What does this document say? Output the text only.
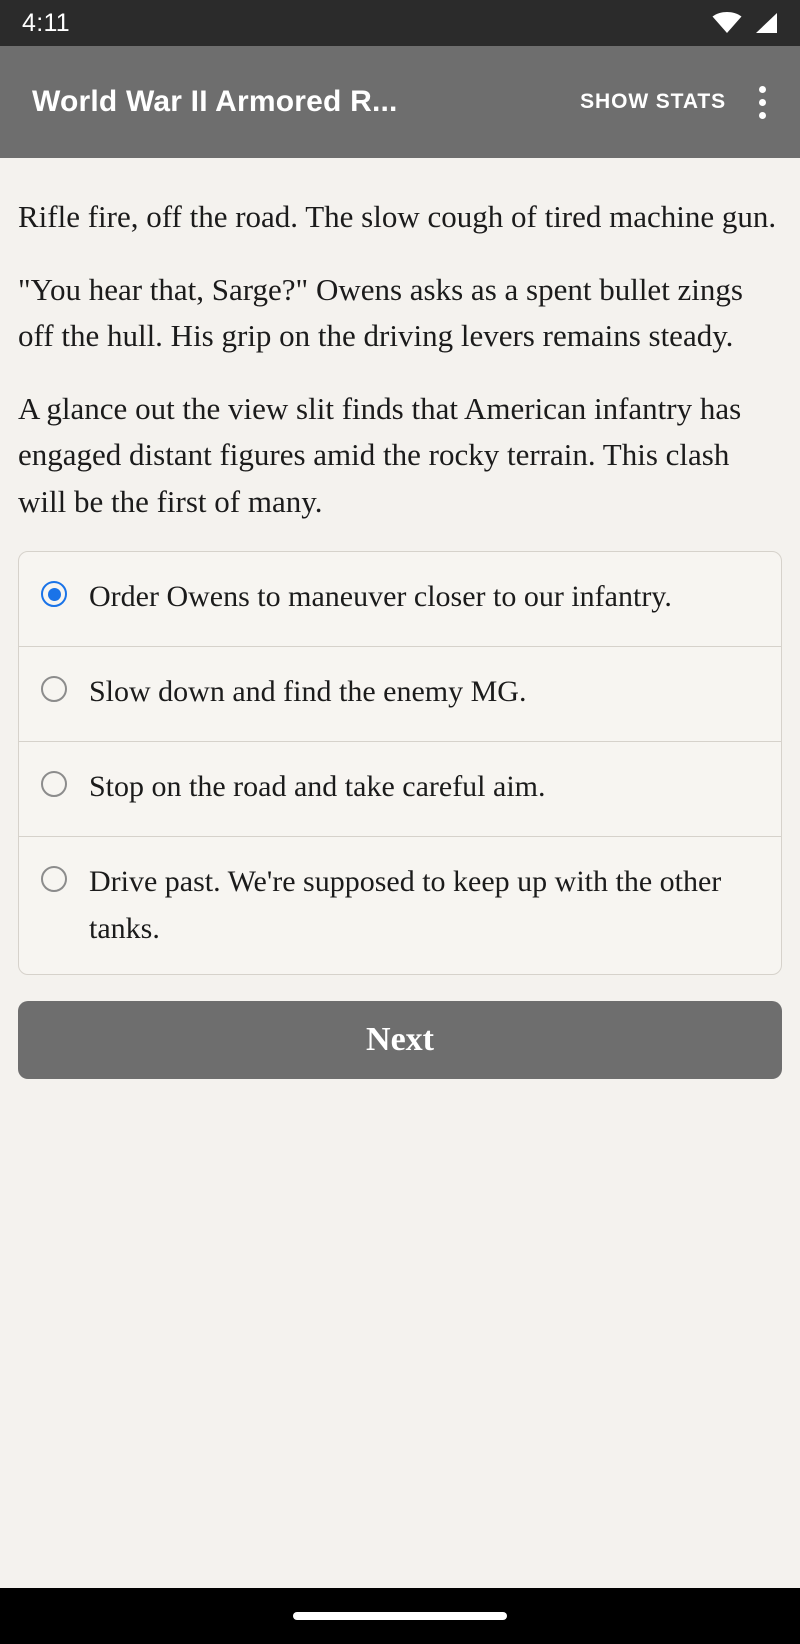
4:11
World War II Armored R...	SHOW STATS

Rifle fire, off the road. The slow cough of tired machine gun.

"You hear that, Sarge?" Owens asks as a spent bullet zings off the hull. His grip on the driving levers remains steady.

A glance out the view slit finds that American infantry has engaged distant figures amid the rocky terrain. This clash will be the first of many.

Order Owens to maneuver closer to our infantry.
Slow down and find the enemy MG.
Stop on the road and take careful aim.
Drive past. We're supposed to keep up with the other tanks.
Next
